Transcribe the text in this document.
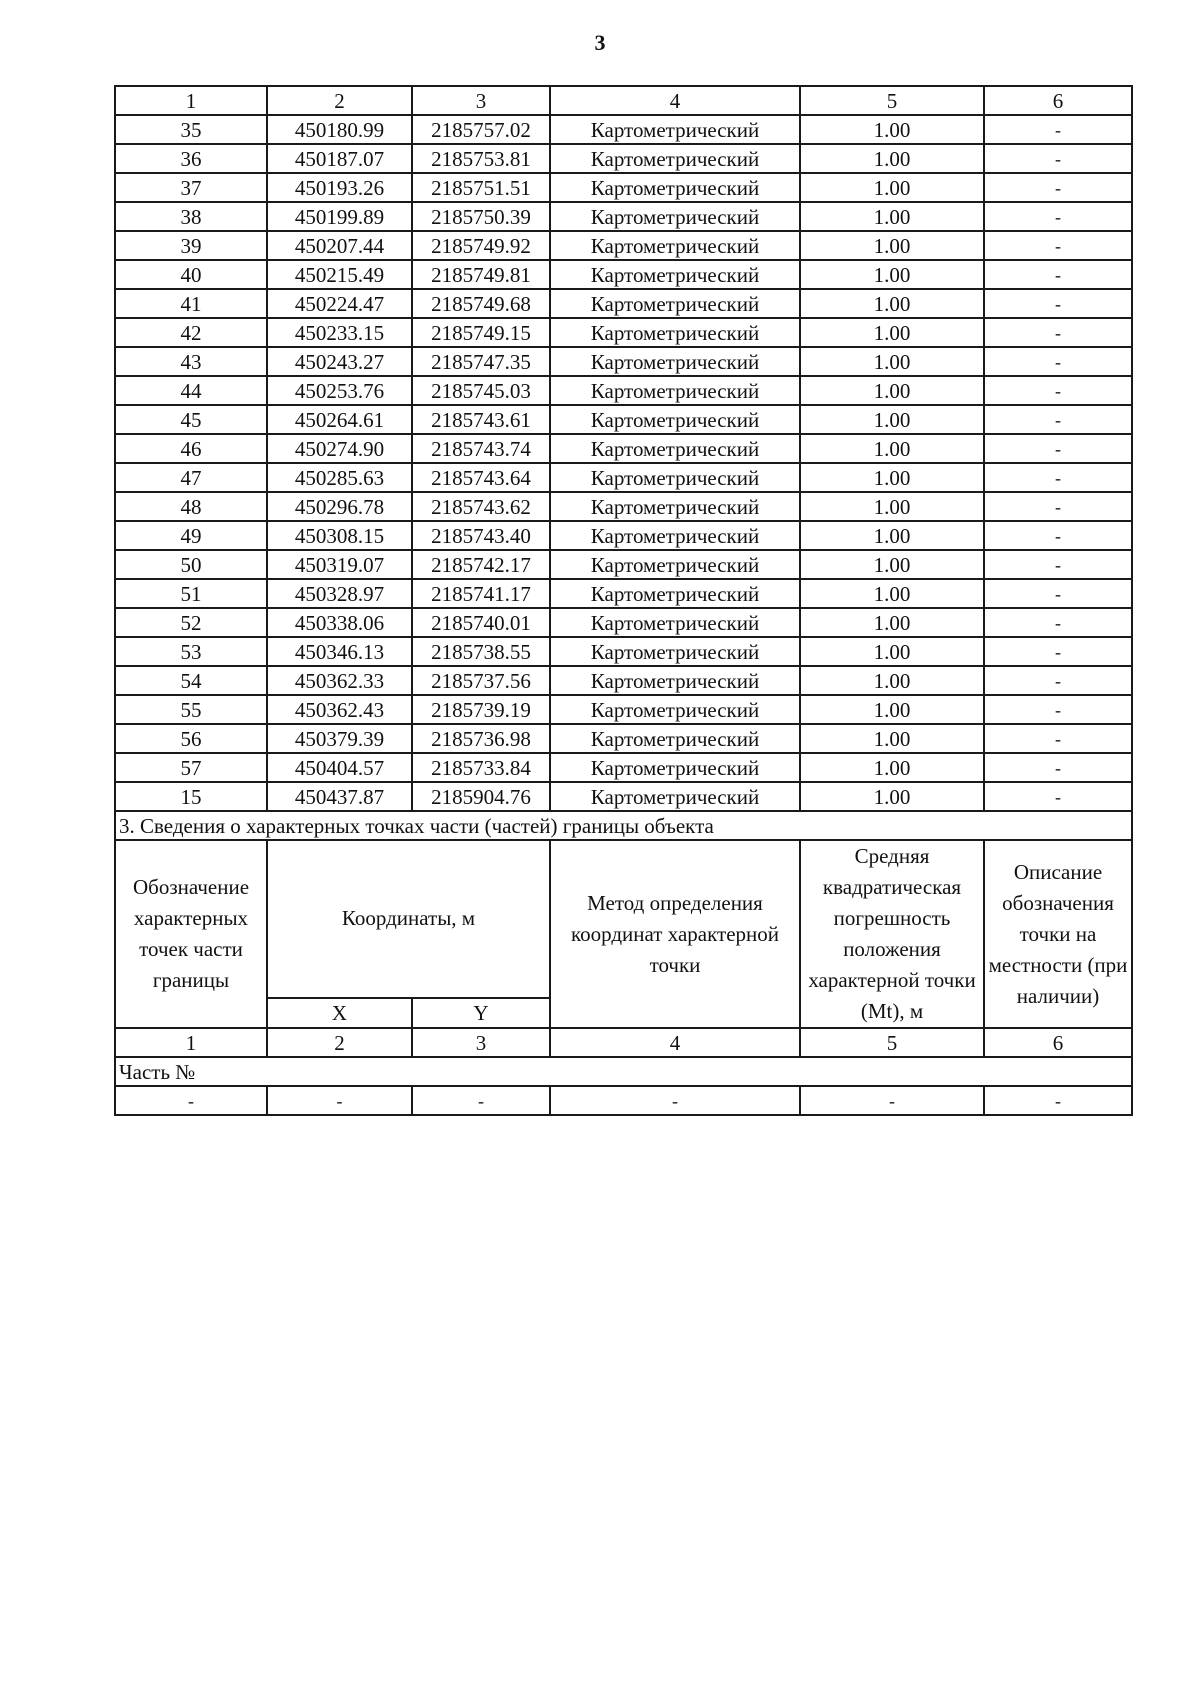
3
1	2	3	4	5	6
35	450180.99	2185757.02	Картометрический	1.00	-
36	450187.07	2185753.81	Картометрический	1.00	-
37	450193.26	2185751.51	Картометрический	1.00	-
38	450199.89	2185750.39	Картометрический	1.00	-
39	450207.44	2185749.92	Картометрический	1.00	-
40	450215.49	2185749.81	Картометрический	1.00	-
41	450224.47	2185749.68	Картометрический	1.00	-
42	450233.15	2185749.15	Картометрический	1.00	-
43	450243.27	2185747.35	Картометрический	1.00	-
44	450253.76	2185745.03	Картометрический	1.00	-
45	450264.61	2185743.61	Картометрический	1.00	-
46	450274.90	2185743.74	Картометрический	1.00	-
47	450285.63	2185743.64	Картометрический	1.00	-
48	450296.78	2185743.62	Картометрический	1.00	-
49	450308.15	2185743.40	Картометрический	1.00	-
50	450319.07	2185742.17	Картометрический	1.00	-
51	450328.97	2185741.17	Картометрический	1.00	-
52	450338.06	2185740.01	Картометрический	1.00	-
53	450346.13	2185738.55	Картометрический	1.00	-
54	450362.33	2185737.56	Картометрический	1.00	-
55	450362.43	2185739.19	Картометрический	1.00	-
56	450379.39	2185736.98	Картометрический	1.00	-
57	450404.57	2185733.84	Картометрический	1.00	-
15	450437.87	2185904.76	Картометрический	1.00	-
3. Сведения о характерных точках части (частей) границы объекта					
Обозначение характерных точек части границы	Координаты, м		Метод определения координат характерной точки	Средняя квадратическая погрешность положения характерной точки (Mt), м	Описание обозначения точки на местности (при наличии)
	X	Y			
1	2	3	4	5	6
Часть №					
-	-	-	-	-	-
